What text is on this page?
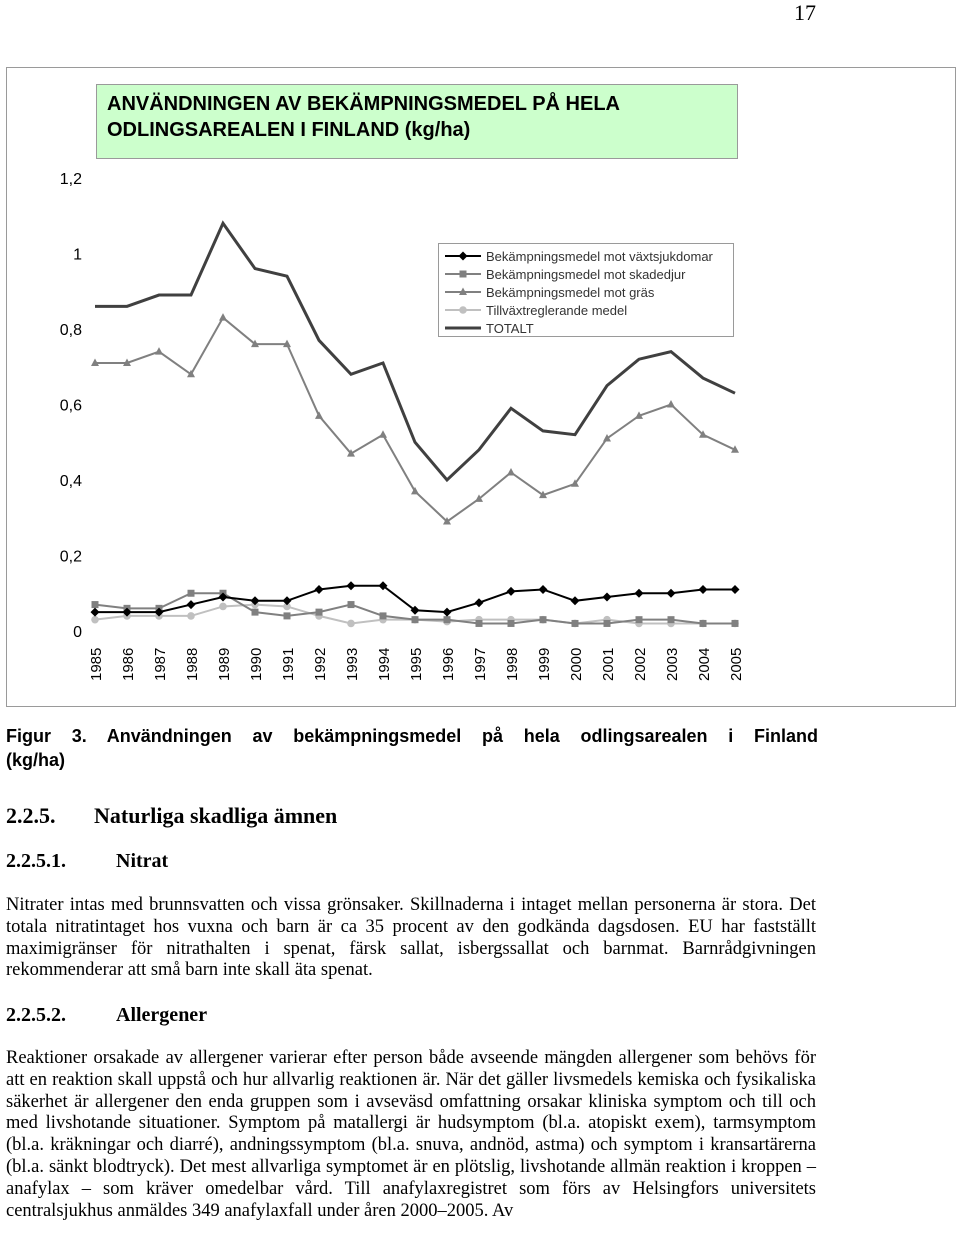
17
0
0,2
0,4
0,6
0,8
1
1,2
1985 1986 1987 1988 1989 1990 1991 1992 1993 1994 1995 1996 1997 1998 1999 2000 2001 2002 2003 2004 2005
ANVÄNDNINGEN AV BEKÄMPNINGSMEDEL PÅ HELA ODLINGSAREALEN I FINLAND (kg/ha)
Bekämpningsmedel mot växtsjukdomar
Bekämpningsmedel mot skadedjur
Bekämpningsmedel mot gräs
Tillväxtreglerande medel
TOTALT
Figur 3. Användningen av bekämpningsmedel på hela odlingsarealen i Finland
(kg/ha)
2.2.5. Naturliga skadliga ämnen
2.2.5.1.	Nitrat
Nitrater intas med brunnsvatten och vissa grönsaker. Skillnaderna i intaget mellan personerna är stora. Det totala nitratintaget hos vuxna och barn är ca 35 procent av den godkända dagsdosen. EU har fastställt maximigränser för nitrathalten i spenat, färsk sallat, isbergssallat och barnmat. Barnrådgivningen rekommenderar att små barn inte skall äta spenat.
2.2.5.2.	Allergener
Reaktioner orsakade av allergener varierar efter person både avseende mängden allergener som behövs för att en reaktion skall uppstå och hur allvarlig reaktionen är. När det gäller livsmedels kemiska och fysikaliska säkerhet är allergener den enda gruppen som i avseväsd omfattning orsakar kliniska symptom och till och med livshotande situationer. Symptom på matallergi är hudsymptom (bl.a. atopiskt exem), tarmsymptom (bl.a. kräkningar och diarré), andningssymptom (bl.a. snuva, andnöd, astma) och symptom i kransartärerna (bl.a. sänkt blodtryck). Det mest allvarliga symptomet är en plötslig, livshotande allmän reaktion i kroppen – anafylax – som kräver omedelbar vård. Till anafylaxregistret som förs av Helsingfors universitets centralsjukhus anmäldes 349 anafylaxfall under åren 2000–2005. Av
